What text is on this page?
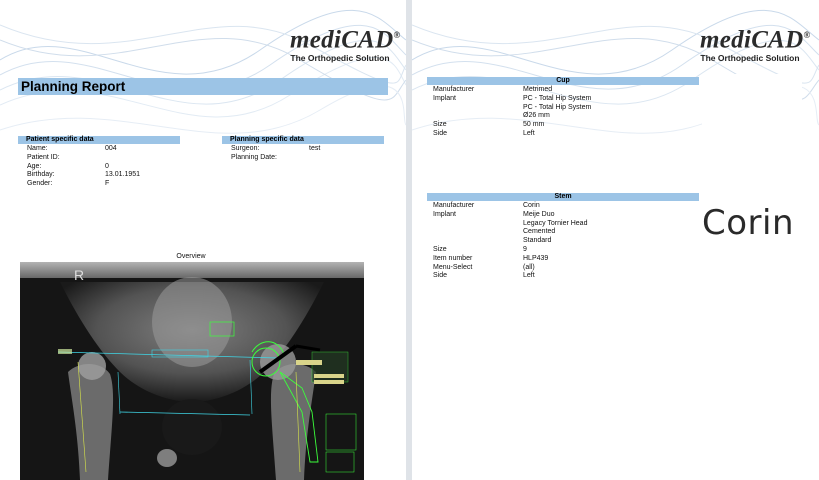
mediCAD®
The Orthopedic Solution
Planning Report
Patient specific data
Name:
Patient ID:
Age:
Birthday:
Gender:
004

0
13.01.1951
F
Planning specific data
Surgeon:
Planning Date:
test

Overview
R
mediCAD®
The Orthopedic Solution
Cup
Manufacturer
Implant

Size
Side
Metrimed
PC - Total Hip System
PC - Total Hip System
Ø26 mm
50 mm
Left
Stem
Manufacturer
Implant

Size
Item number
Menu-Select
Side
Corin
Meije Duo
Legacy Tornier Head
Cemented
Standard
9
HLP439
(all)
Left
Corin
